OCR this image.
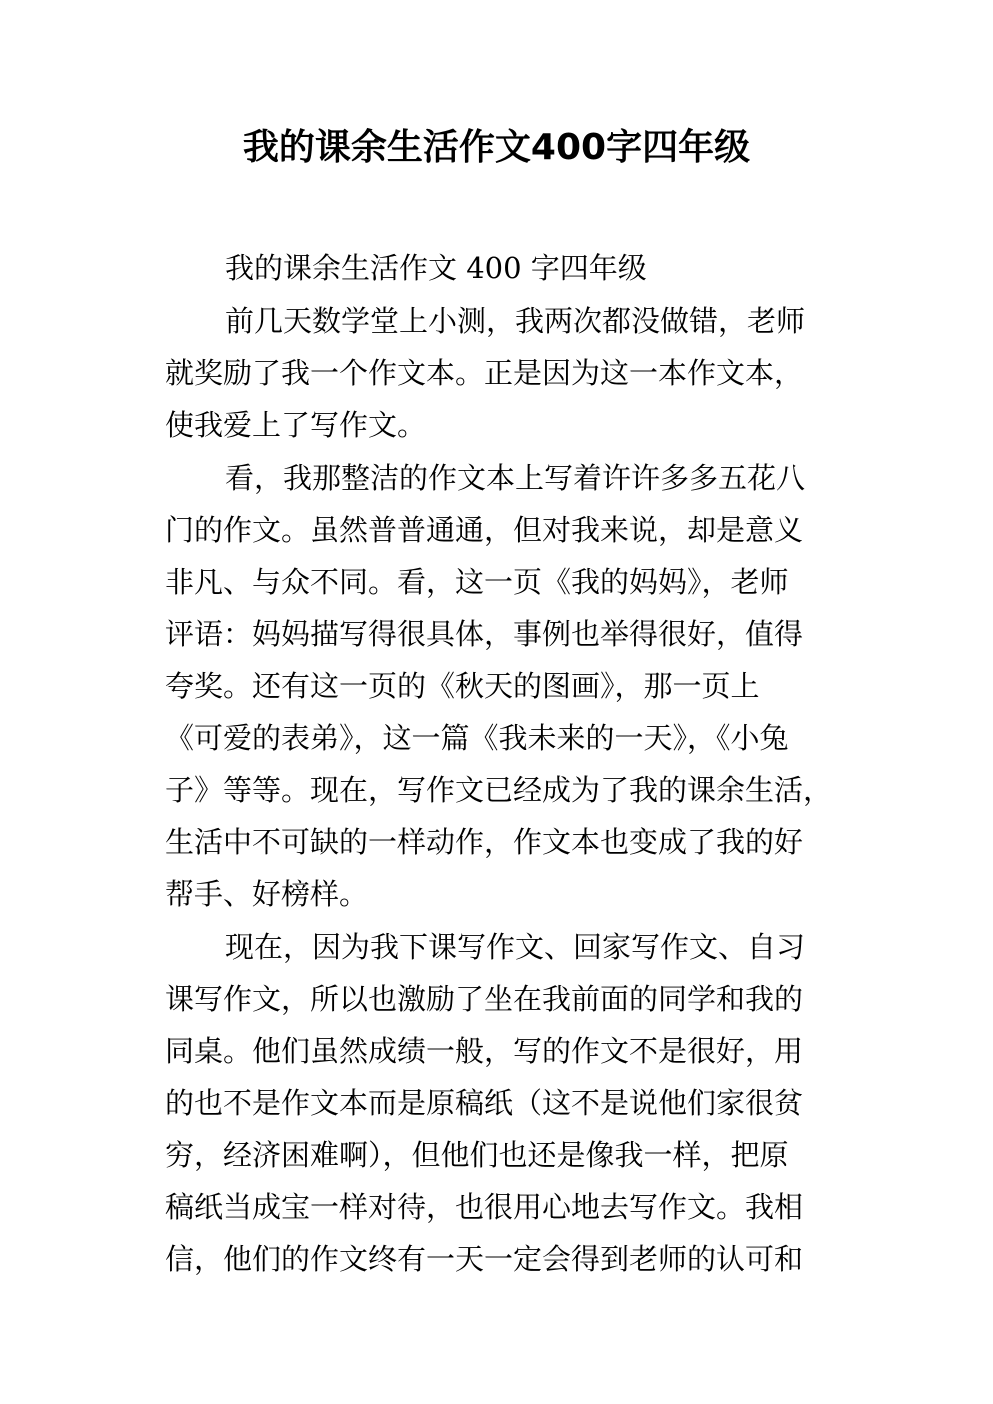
我的课余生活作文400字四年级

我的课余生活作文 400 字四年级

前几天数学堂上小测，我两次都没做错，老师

就奖励了我一个作文本。正是因为这一本作文本，

使我爱上了写作文。

看，我那整洁的作文本上写着许许多多五花八

门的作文。虽然普普通通，但对我来说，却是意义

非凡、与众不同。看，这一页《我的妈妈》，老师

评语：妈妈描写得很具体，事例也举得很好，值得

夸奖。还有这一页的《秋天的图画》，那一页上

《可爱的表弟》，这一篇《我未来的一天》，《小兔

子》等等。现在，写作文已经成为了我的课余生活，

生活中不可缺的一样动作，作文本也变成了我的好

帮手、好榜样。

现在，因为我下课写作文、回家写作文、自习

课写作文，所以也激励了坐在我前面的同学和我的

同桌。他们虽然成绩一般，写的作文不是很好，用

的也不是作文本而是原稿纸（这不是说他们家很贫

穷，经济困难啊），但他们也还是像我一样，把原

稿纸当成宝一样对待，也很用心地去写作文。我相

信，他们的作文终有一天一定会得到老师的认可和
